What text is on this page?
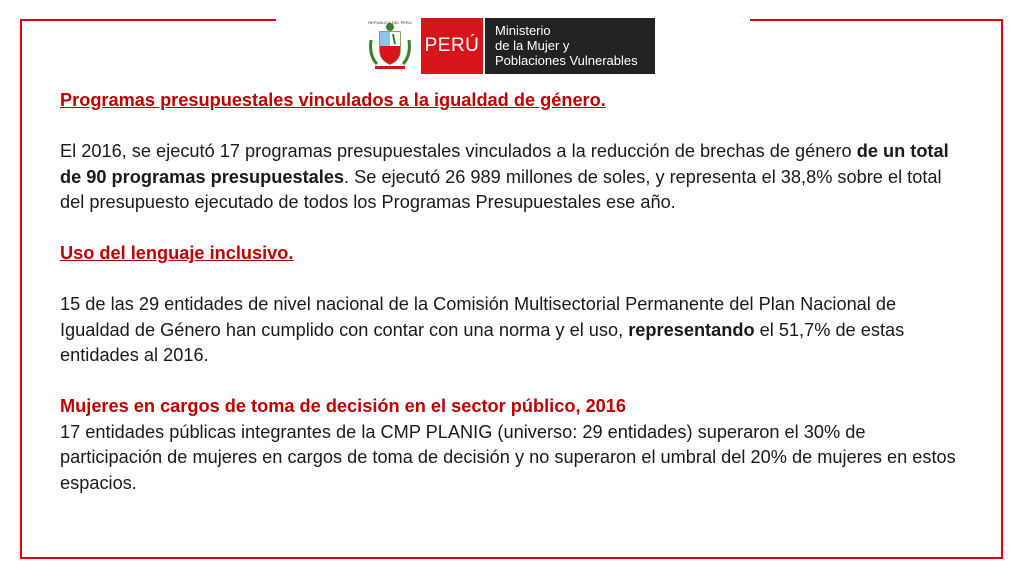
REPUBLICA DEL PERU
PERÚ
Ministerio
de la Mujer y
Poblaciones Vulnerables
Programas presupuestales vinculados a la igualdad de género.
El 2016, se ejecutó 17 programas presupuestales vinculados a la reducción de brechas de género de un total de 90 programas presupuestales. Se ejecutó 26 989 millones de soles, y representa el 38,8% sobre el total del presupuesto ejecutado de todos los Programas Presupuestales ese año.
Uso del lenguaje inclusivo.
15 de las 29 entidades de nivel nacional de la Comisión Multisectorial Permanente del Plan Nacional de Igualdad de Género han cumplido con contar con una norma y el uso, representando el 51,7% de estas entidades al 2016.
Mujeres en cargos de toma de decisión en el sector público, 2016
17 entidades públicas integrantes de la CMP PLANIG (universo: 29 entidades) superaron el 30% de participación de mujeres en cargos de toma de decisión y no superaron el umbral del 20% de mujeres en estos espacios.
